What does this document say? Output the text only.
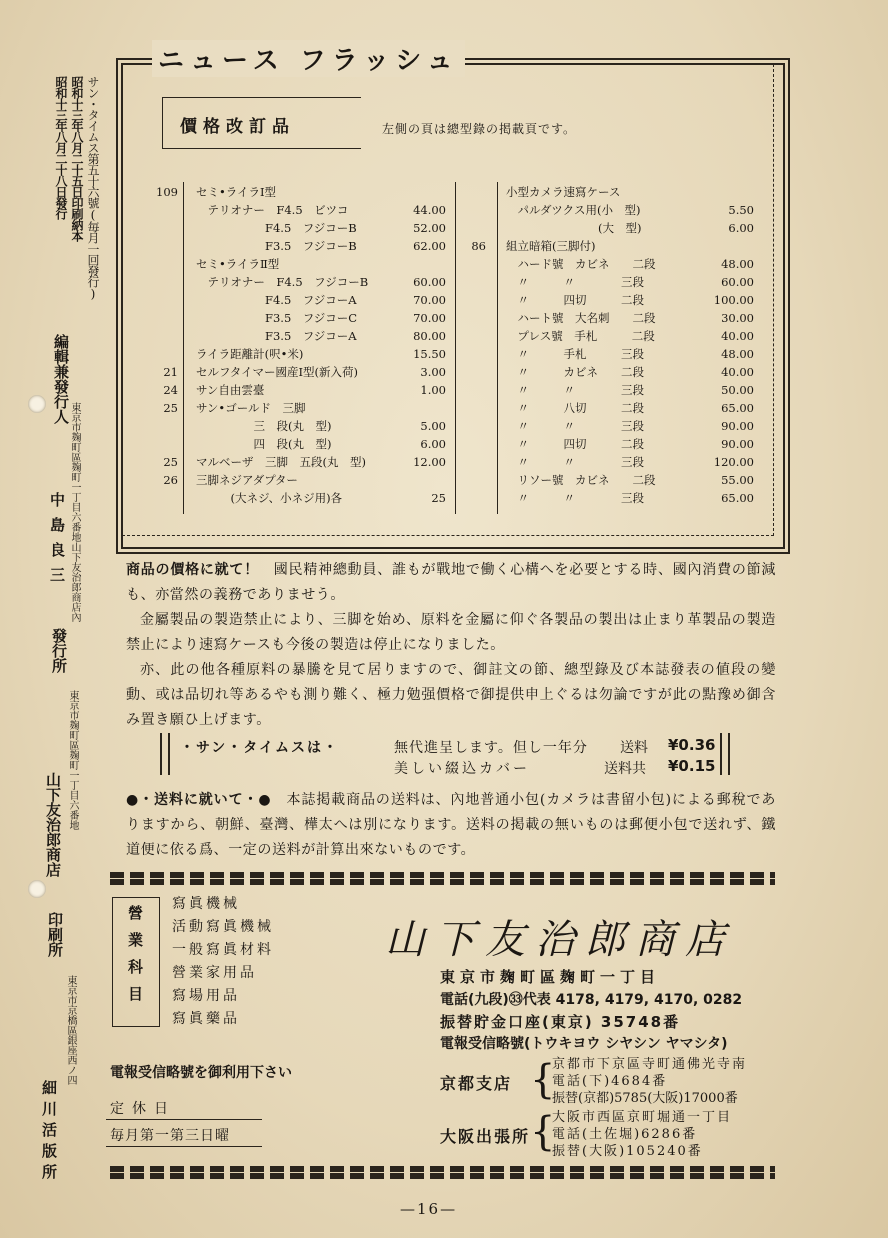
サン・タイムス第五十六號(毎月一回發行)
昭和十三年八月二十五日印刷納本
昭和十三年八月二十八日發行
編輯兼發行人
東京市麹町區麹町一丁目六番地山下友治郎商店內
中島良三
發行所
東京市麹町區麹町一丁目六番地
山下友治郎商店
印刷所
東京市京橋區銀座西ノ四
細川活版所
ニュース フラッシュ
價格改訂品	左側の頁は總型錄の掲載頁です。
109 セミ•ライラⅠ型
　テリオナー　F4.5　ビツコ	44.00
　　　　　　F4.5　フジコーB	52.00
　　　　　　F3.5　フジコーB	62.00
セミ•ライラⅡ型
　テリオナー　F4.5　フジコーB	60.00
　　　　　　F4.5　フジコーA	70.00
　　　　　　F3.5　フジコーC	70.00
　　　　　　F3.5　フジコーA	80.00
ライラ距離計(呎•米)	15.50
21 セルフタイマー國産Ⅰ型(新入荷)	3.00
24 サン自由雲臺	1.00
25 サン•ゴールド　三脚
　　　　　三　段(丸　型)	5.00
　　　　　四　段(丸　型)	6.00
25 マルベーザ　三脚　五段(丸　型)	12.00
26 三脚ネジアダプター
　　　(大ネジ、小ネジ用)各	25
小型カメラ速寫ケース
　パルダツクス用(小　型)	5.50
　　　　　　　　(大　型)	6.00
86 組立暗箱(三脚付)
　ハード號　カビネ　　二段	48.00
　〃　　　〃　　　　三段	60.00
　〃　　　四切　　　二段	100.00
　ハート號　大名刺　　二段	30.00
　プレス號　手札　　　二段	40.00
　〃　　　手札　　　三段	48.00
　〃　　　カビネ　　二段	40.00
　〃　　　〃　　　　三段	50.00
　〃　　　八切　　　二段	65.00
　〃　　　〃　　　　三段	90.00
　〃　　　四切　　　二段	90.00
　〃　　　〃　　　　三段	120.00
　リソー號　カビネ　　二段	55.00
　〃　　　〃　　　　三段	65.00
商品の價格に就て！　 國民精神總動員、誰もが戰地で働く心構へを必要とする時、國內消費の節減も、亦當然の義務でありませう。
金屬製品の製造禁止により、三脚を始め、原料を金屬に仰ぐ各製品の製出は止まり革製品の製造禁止により速寫ケースも今後の製造は停止になりました。
亦、此の他各種原料の暴騰を見て居りますので、御註文の節、總型錄及び本誌發表の値段の變動、或は品切れ等あるやも測り難く、極力勉强價格で御提供申上ぐるは勿論ですが此の點豫め御含み置き願ひ上げます。
・サン・タイムスは・	無代進呈します。但し一年分 送料 ¥0.36
美しい綴込カバー	送料共 ¥0.15
●・送料に就いて・●　 本誌掲載商品の送料は、內地普通小包(カメラは書留小包)による郵稅でありますから、朝鮮、臺灣、樺太へは別になります。送料の掲載の無いものは郵便小包で送れず、鐵道便に依る爲、一定の送料が計算出來ないものです。
營業科目
寫眞機械
活動寫眞機械
一般寫眞材料
營業家用品
寫場用品
寫眞藥品
電報受信略號を御利用下さい
定休日
毎月第一第三日曜
山下友治郎商店
東京市麹町區麹町一丁目
電話(九段)㉝代表 4178, 4179, 4170, 0282
振替貯金口座(東京) 35748番
電報受信略號(トウキヨウ シヤシン ヤマシタ)
京都支店 {
京都市下京區寺町通佛光寺南
電話(下)4684番
振替(京都)5785(大阪)17000番
大阪出張所 {
大阪市西區京町堀通一丁目
電話(土佐堀)6286番
振替(大阪)105240番
—16—
